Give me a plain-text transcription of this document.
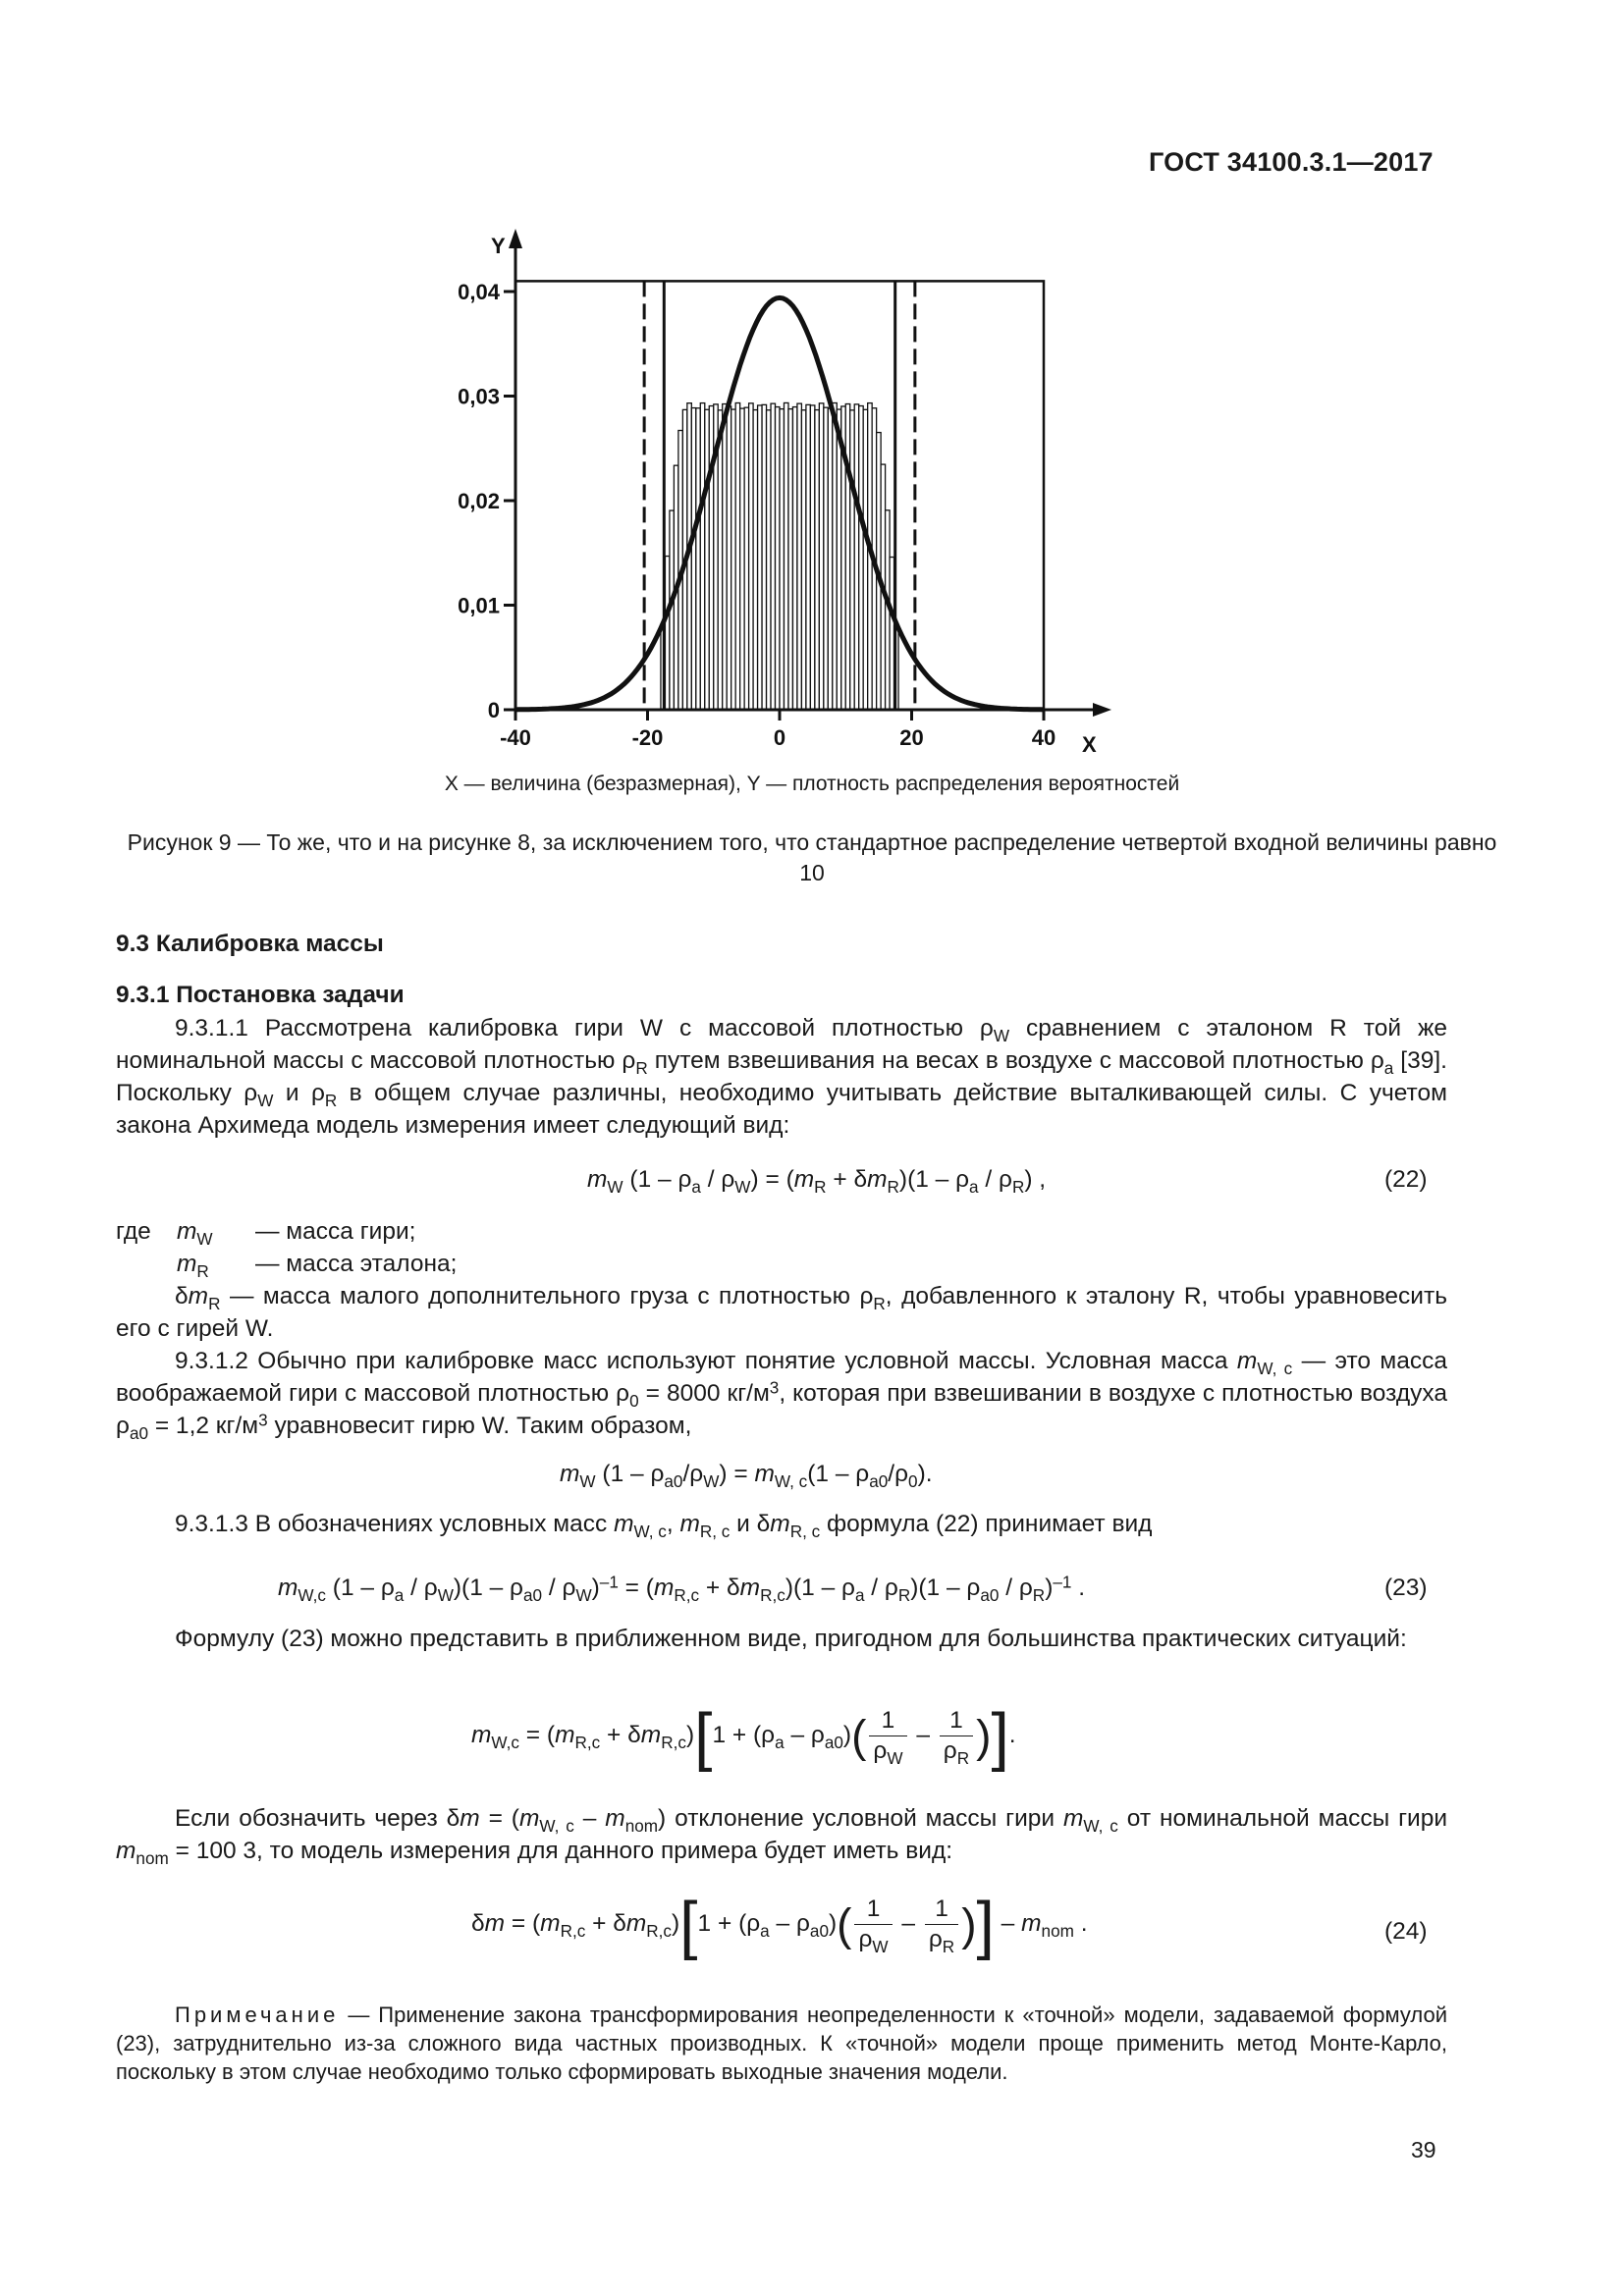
ГОСТ 34100.3.1—2017
0
0,01
0,02
0,03
0,04
-40	-20	0	20	40
Y
X
X — величина (безразмерная), Y — плотность распределения вероятностей
Рисунок 9 — То же, что и на рисунке 8, за исключением того, что стандартное распределение четвертой входной величины равно 10
9.3 Калибровка массы
9.3.1 Постановка задачи
9.3.1.1 Рассмотрена калибровка гири W с массовой плотностью $\rho_W$ сравнением с эталоном R той же номинальной массы с массовой плотностью $\rho_R$ путем взвешивания на весах в воздухе с массовой плотностью $\rho_a$ [39]. Поскольку $\rho_W$ и $\rho_R$ в общем случае различны, необходимо учитывать действие выталкивающей силы. С учетом закона Архимеда модель измерения имеет следующий вид:
$m_W$ $(1 - \rho_a / \rho_W) = (m_R + \delta m_R)(1 - \rho_a / \rho_R)$ ,	(22)
где	$m_W$	— масса гири;
	$m_R$	— масса эталона;
$\delta m_R$ — масса малого дополнительного груза с плотностью $\rho_R$, добавленного к эталону R, чтобы уравновесить его с гирей W.
9.3.1.2 Обычно при калибровке масс используют понятие условной массы. Условная масса $m_{W, c}$ — это масса воображаемой гири с массовой плотностью $\rho_0 = 8000$ $кг/м^3$, которая при взвешивании в воздухе с плотностью воздуха $\rho_{a0} = 1,2$ $кг/м^3$ уравновесит гирю W. Таким образом,
$m_W$ $(1 - \rho_{a0}/\rho_W) = m_{W, c}(1 - \rho_{a0}/\rho_0)$.
9.3.1.3 В обозначениях условных масс $m_{W, c}$, $m_{R, c}$ и $\delta m_{R, c}$ формула (22) принимает вид
$m_{W,c}$ $(1 - \rho_a / \rho_W)(1 - \rho_{a0} / \rho_W)^{-1} = (m_{R,c} + \delta m_{R,c})(1 - \rho_a / \rho_R)(1 - \rho_{a0} / \rho_R)^{-1}$ .	(23)
Формулу (23) можно представить в приближенном виде, пригодном для большинства практических ситуаций:
$m_{W,c} = (m_{R,c} + \delta m_{R,c})[1 + (\rho_a - \rho_{a0})( \frac{1}{\rho_W} - \frac{1}{\rho_R}$ )].
Если обозначить через $\delta m = (m_{W, c} - m_{nom})$ отклонение условной массы гири $m_{W, c}$ от номинальной массы гири $m_{nom} = 100$ 3, то модель измерения для данного примера будет иметь вид:
$\delta m = (m_{R,c} + \delta m_{R,c})[1 + (\rho_a - \rho_{a0})( \frac{1}{\rho_W} - \frac{1}{\rho_R}$ )] – $m_{nom}$ .	(24)
Примечание — Применение закона трансформирования неопределенности к «точной» модели, задаваемой формулой (23), затруднительно из-за сложного вида частных производных. К «точной» модели проще применить метод Монте-Карло, поскольку в этом случае необходимо только сформировать выходные значения модели.
39
